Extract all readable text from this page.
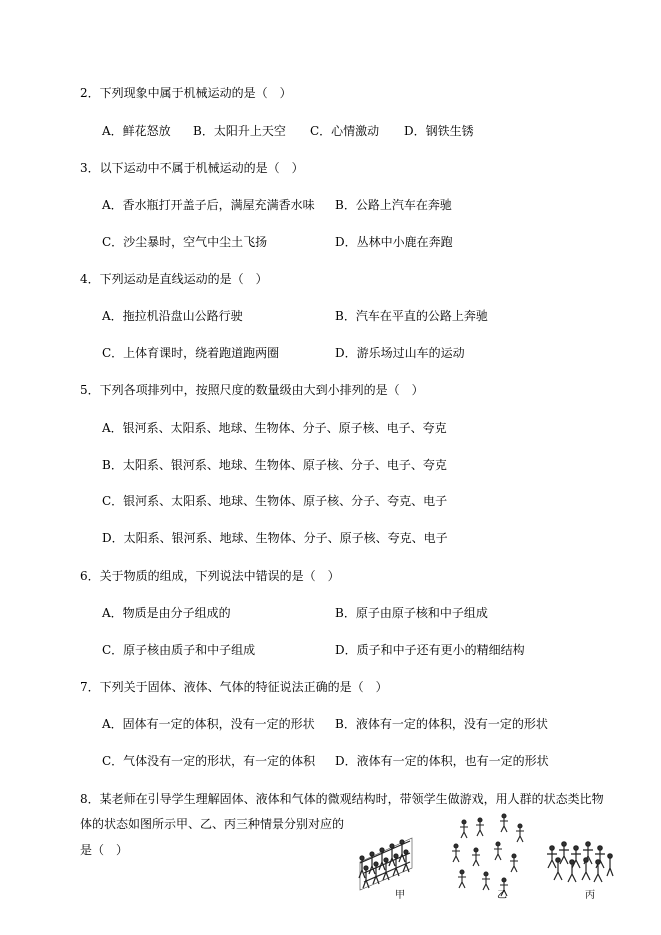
2．下列现象中属于机械运动的是（　）
A．鲜花怒放 B．太阳升上天空 C．心情激动 D．钢铁生锈
3．以下运动中不属于机械运动的是（　）
A．香水瓶打开盖子后，满屋充满香水味 B．公路上汽车在奔驰
C．沙尘暴时，空气中尘土飞扬	D．丛林中小鹿在奔跑
4．下列运动是直线运动的是（　）
A．拖拉机沿盘山公路行驶	B．汽车在平直的公路上奔驰
C．上体育课时，绕着跑道跑两圈	D．游乐场过山车的运动
5．下列各项排列中，按照尺度的数量级由大到小排列的是（　）
A．银河系、太阳系、地球、生物体、分子、原子核、电子、夸克
B．太阳系、银河系、地球、生物体、原子核、分子、电子、夸克
C．银河系、太阳系、地球、生物体、原子核、分子、夸克、电子
D．太阳系、银河系、地球、生物体、分子、原子核、夸克、电子
6．关于物质的组成，下列说法中错误的是（　）
A．物质是由分子组成的	B．原子由原子核和中子组成
C．原子核由质子和中子组成	D．质子和中子还有更小的精细结构
7．下列关于固体、液体、气体的特征说法正确的是（　）
A．固体有一定的体积，没有一定的形状 B．液体有一定的体积，没有一定的形状
C．气体没有一定的形状，有一定的体积 D．液体有一定的体积，也有一定的形状
8．某老师在引导学生理解固体、液体和气体的微观结构时，带领学生做游戏，用人群的状态类比物
体的状态如图所示甲、乙、丙三种情景分别对应的
是（　）
甲	乙	丙
